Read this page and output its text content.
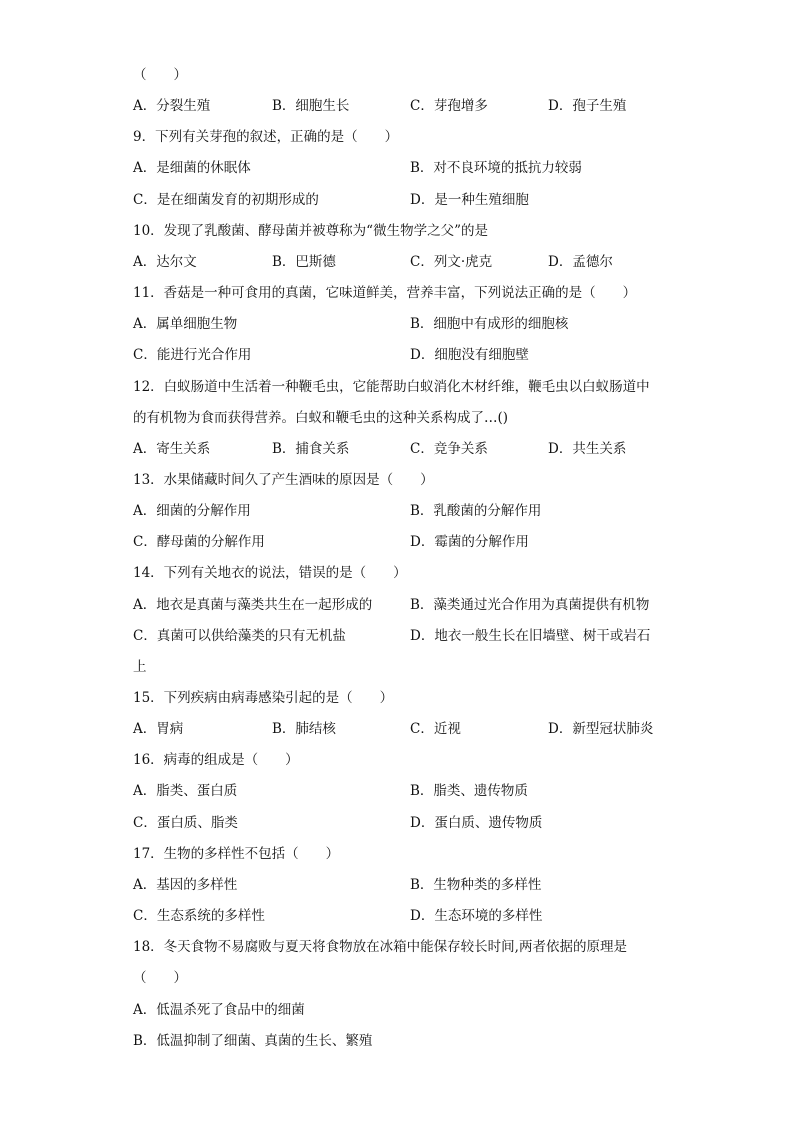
（　　）
A．分裂生殖	B．细胞生长	C．芽孢增多	D．孢子生殖
9．下列有关芽孢的叙述，正确的是（　　）
A．是细菌的休眠体	B．对不良环境的抵抗力较弱
C．是在细菌发育的初期形成的	D．是一种生殖细胞
10．发现了乳酸菌、酵母菌并被尊称为“微生物学之父”的是
A．达尔文	B．巴斯德	C．列文·虎克	D．孟德尔
11．香菇是一种可食用的真菌，它味道鲜美，营养丰富，下列说法正确的是（　　）
A．属单细胞生物	B．细胞中有成形的细胞核
C．能进行光合作用	D．细胞没有细胞壁
12．白蚁肠道中生活着一种鞭毛虫，它能帮助白蚁消化木材纤维，鞭毛虫以白蚁肠道中
的有机物为食而获得营养。白蚁和鞭毛虫的这种关系构成了…()
A．寄生关系	B．捕食关系	C．竞争关系	D．共生关系
13．水果储藏时间久了产生酒味的原因是（　　）
A．细菌的分解作用	B．乳酸菌的分解作用
C．酵母菌的分解作用	D．霉菌的分解作用
14．下列有关地衣的说法，错误的是（　　）
A．地衣是真菌与藻类共生在一起形成的	B．藻类通过光合作用为真菌提供有机物
C．真菌可以供给藻类的只有无机盐	D．地衣一般生长在旧墙壁、树干或岩石
上
15．下列疾病由病毒感染引起的是（　　）
A．胃病	B．肺结核	C．近视	D．新型冠状肺炎
16．病毒的组成是（　　）
A．脂类、蛋白质	B．脂类、遗传物质
C．蛋白质、脂类	D．蛋白质、遗传物质
17．生物的多样性不包括（　　）
A．基因的多样性	B．生物种类的多样性
C．生态系统的多样性	D．生态环境的多样性
18．冬天食物不易腐败与夏天将食物放在冰箱中能保存较长时间,两者依据的原理是
（　　）
A．低温杀死了食品中的细菌
B．低温抑制了细菌、真菌的生长、繁殖
